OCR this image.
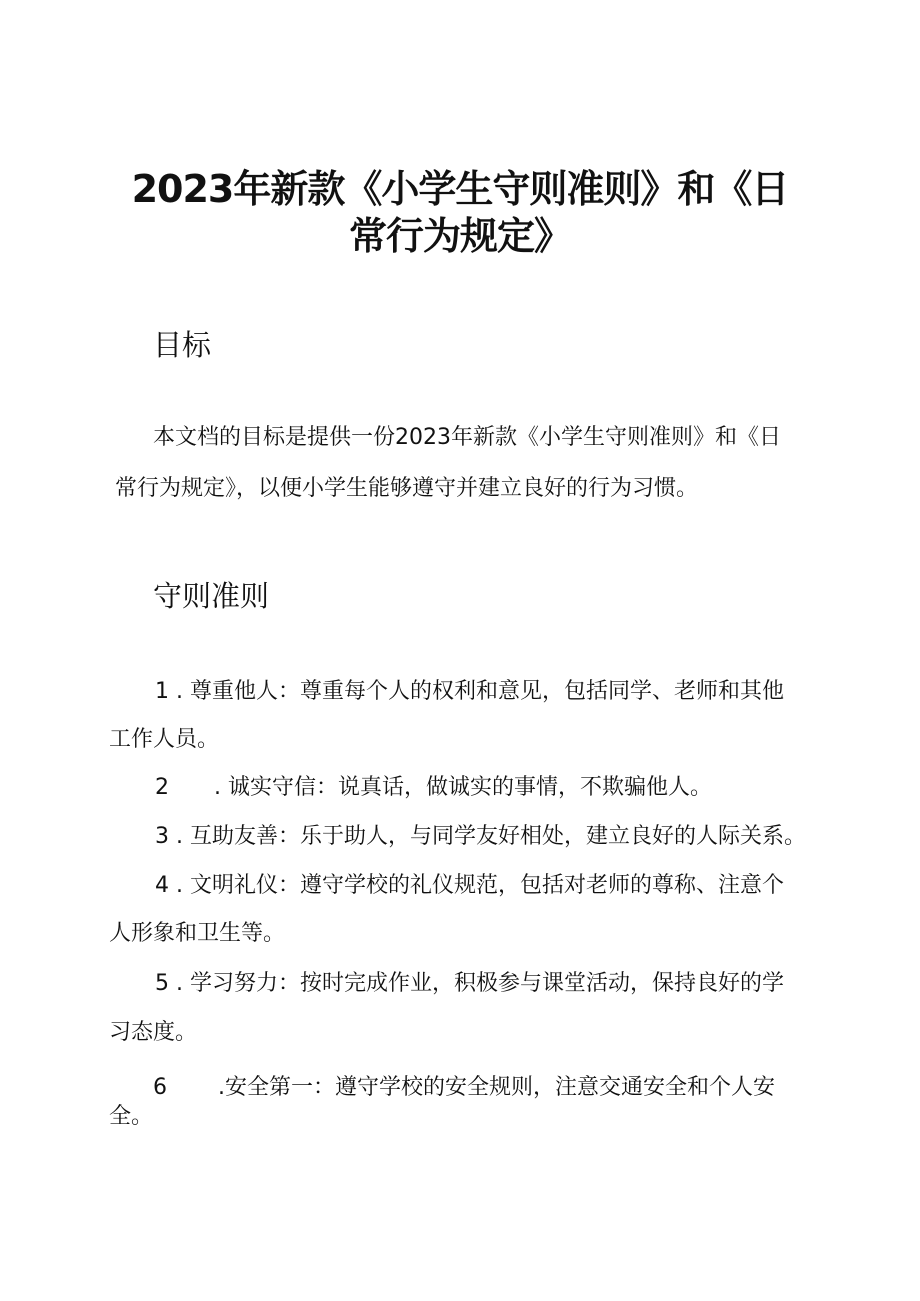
2023年新款《小学生守则准则》和《日
常行为规定》
目标

本文档的目标是提供一份2023年新款《小学生守则准则》和《日

常行为规定》，以便小学生能够遵守并建立良好的行为习惯。

守则准则

1 . 尊重他人：尊重每个人的权利和意见，包括同学、老师和其他

工作人员。

2 . 诚实守信：说真话，做诚实的事情，不欺骗他人。

3 . 互助友善：乐于助人，与同学友好相处，建立良好的人际关系。

4 . 文明礼仪：遵守学校的礼仪规范，包括对老师的尊称、注意个

人形象和卫生等。

5 . 学习努力：按时完成作业，积极参与课堂活动，保持良好的学

习态度。

6 .安全第一：遵守学校的安全规则，注意交通安全和个人安

全。
